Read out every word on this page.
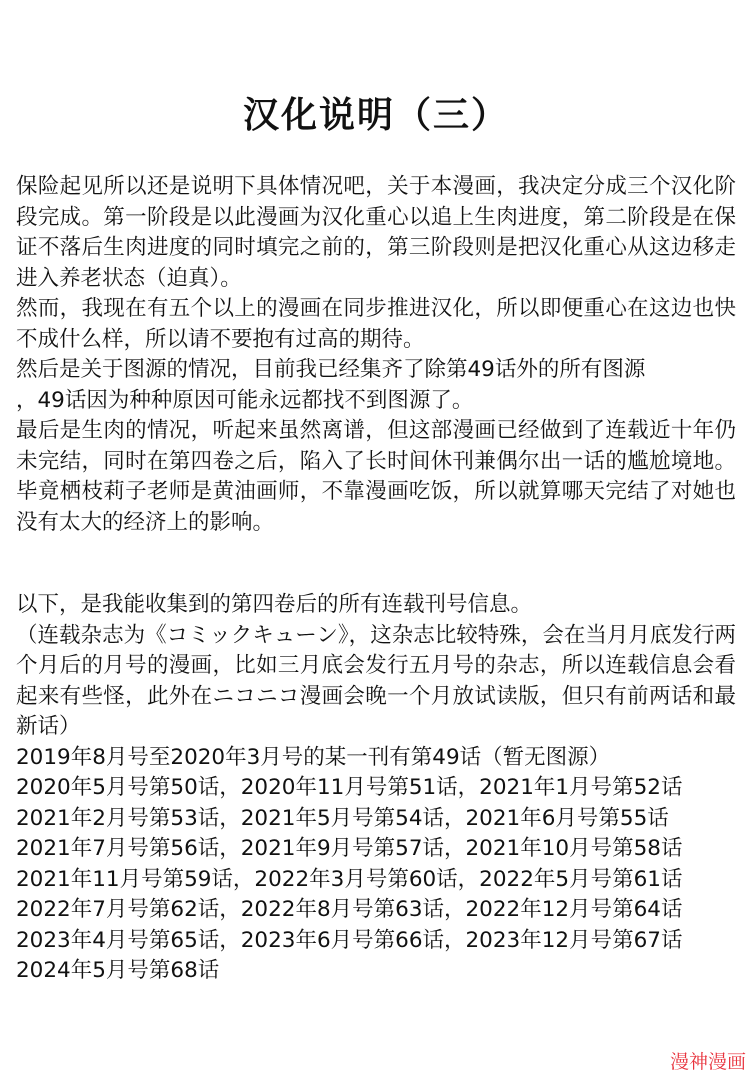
汉化说明（三）

保险起见所以还是说明下具体情况吧，关于本漫画，我决定分成三个汉化阶段完成。第一阶段是以此漫画为汉化重心以追上生肉进度，第二阶段是在保证不落后生肉进度的同时填完之前的，第三阶段则是把汉化重心从这边移走进入养老状态（迫真）。

然而，我现在有五个以上的漫画在同步推进汉化，所以即便重心在这边也快不成什么样，所以请不要抱有过高的期待。

然后是关于图源的情况，目前我已经集齐了除第49话外的所有图源

，49话因为种种原因可能永远都找不到图源了。

最后是生肉的情况，听起来虽然离谱，但这部漫画已经做到了连载近十年仍未完结，同时在第四卷之后，陷入了长时间休刊兼偶尔出一话的尴尬境地。毕竟栖枝莉子老师是黄油画师，不靠漫画吃饭，所以就算哪天完结了对她也没有太大的经济上的影响。

以下，是我能收集到的第四卷后的所有连载刊号信息。

（连载杂志为《コミックキューン》，这杂志比较特殊，会在当月月底发行两个月后的月号的漫画，比如三月底会发行五月号的杂志，所以连载信息会看起来有些怪，此外在ニコニコ漫画会晚一个月放试读版，但只有前两话和最新话）

2019年8月号至2020年3月号的某一刊有第49话（暂无图源）

2020年5月号第50话，2020年11月号第51话，2021年1月号第52话

2021年2月号第53话，2021年5月号第54话，2021年6月号第55话

2021年7月号第56话，2021年9月号第57话，2021年10月号第58话

2021年11月号第59话，2022年3月号第60话，2022年5月号第61话

2022年7月号第62话，2022年8月号第63话，2022年12月号第64话

2023年4月号第65话，2023年6月号第66话，2023年12月号第67话

2024年5月号第68话

漫神漫画
